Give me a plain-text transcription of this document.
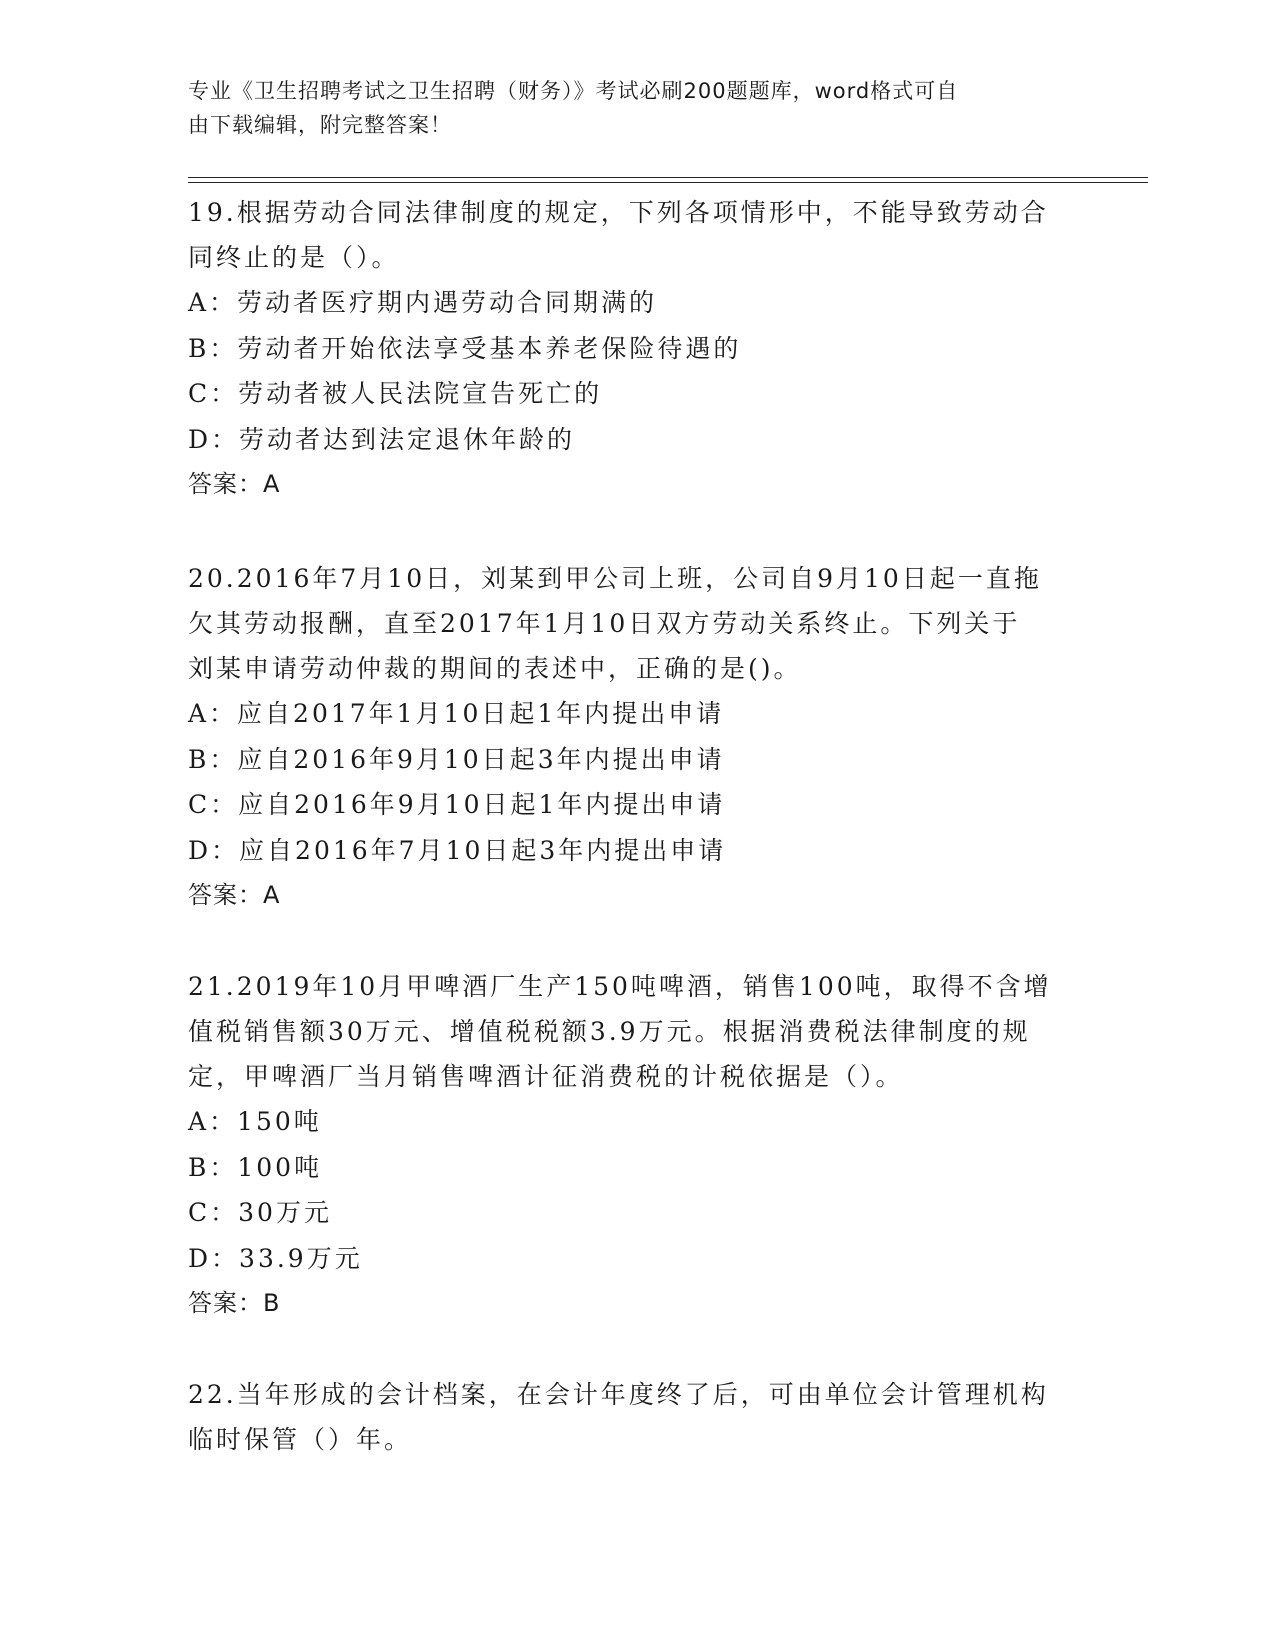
专业《卫生招聘考试之卫生招聘（财务）》考试必刷200题题库，word格式可自
由下载编辑，附完整答案！

19.根据劳动合同法律制度的规定，下列各项情形中，不能导致劳动合

同终止的是（）。

A：劳动者医疗期内遇劳动合同期满的

B：劳动者开始依法享受基本养老保险待遇的

C：劳动者被人民法院宣告死亡的

D：劳动者达到法定退休年龄的

答案：A

20.2016年7月10日，刘某到甲公司上班，公司自9月10日起一直拖

欠其劳动报酬，直至2017年1月10日双方劳动关系终止。下列关于

刘某申请劳动仲裁的期间的表述中，正确的是()。

A：应自2017年1月10日起1年内提出申请

B：应自2016年9月10日起3年内提出申请

C：应自2016年9月10日起1年内提出申请

D：应自2016年7月10日起3年内提出申请

答案：A

21.2019年10月甲啤酒厂生产150吨啤酒，销售100吨，取得不含增

值税销售额30万元、增值税税额3.9万元。根据消费税法律制度的规

定，甲啤酒厂当月销售啤酒计征消费税的计税依据是（）。

A：150吨

B：100吨

C：30万元

D：33.9万元

答案：B

22.当年形成的会计档案，在会计年度终了后，可由单位会计管理机构

临时保管（）年。
